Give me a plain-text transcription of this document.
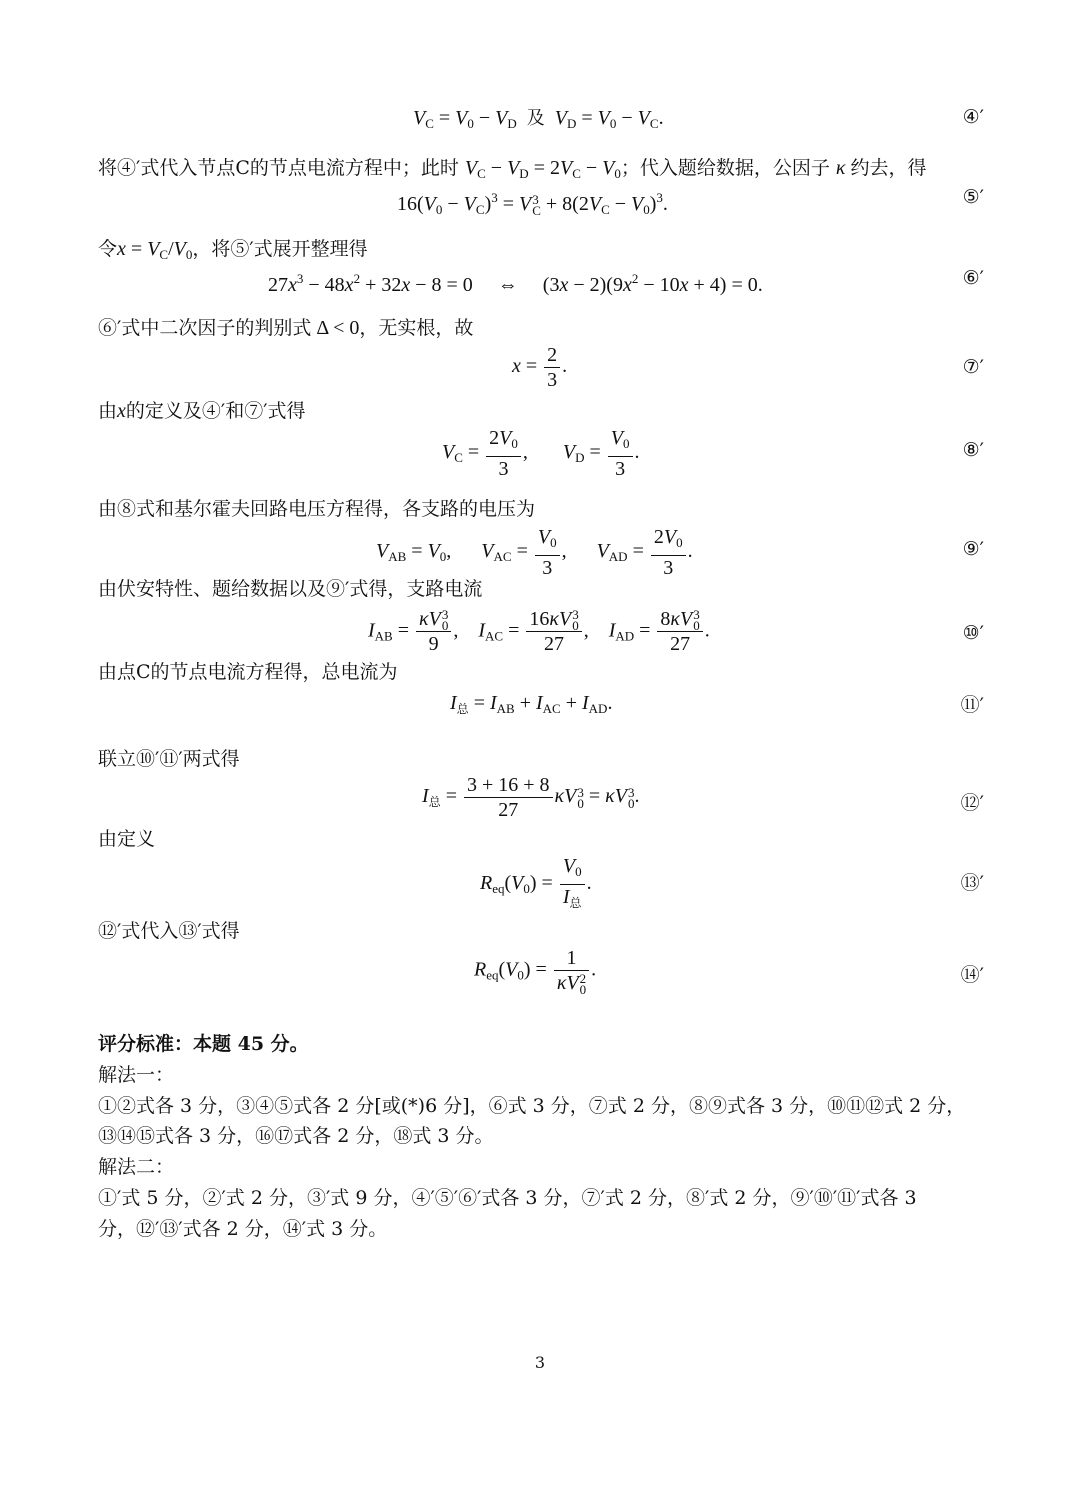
$V_C = V_0 - V_D$ 及 $V_D = V_0 - V_C$.	④′
将④′式代入节点C的节点电流方程中；此时 $V_C - V_D = 2V_C - V_0$；代入题给数据，公因子 κ 约去，得
$16(V_0 - V_C)^3 = V$ 3
$C + 8(2V_C - V_0)^3$.	⑤′
令$x = V_C/V_0$，将⑤′式展开整理得
$27x^3 - 48x^2 + 32x - 8 = 0$     ⇔     $(3x - 2)(9x^2 - 10x + 4) = 0$.	⑥′
⑥′式中二次因子的判别式 Δ < 0，无实根，故
$x = \frac{2}{3}$ .	⑦′
由x的定义及④′和⑦′式得
$V_C = \frac{2V_0}{3}$ ,       $V_D = \frac{V_0}{3}$ .	⑧′
由⑧式和基尔霍夫回路电压方程得，各支路的电压为
$V_{AB} = V_0$,      $V_{AC} = \frac{V_0}{3}$ ,      $V_{AD} = \frac{2V_0}{3}$ .	⑨′
由伏安特性、题给数据以及⑨′式得，支路电流
$I_{AB} = \kappa V$ 3
0
9 ,    $I_{AC} = 16\kappa V$ 3
0
27 ,    $I_{AD} = 8\kappa V$ 3
0
27 .	⑩′
由点C的节点电流方程得，总电流为
$I_总 = I_{AB} + I_{AC} + I_{AD}$.	⑪′
联立⑩′⑪′两式得
$I_总 = \frac{3 + 16 + 8}{27}$ κV 3
0 = κV 3
0 .	⑫′
由定义
$R_{eq}(V_0) = \frac{V_0}{I_总}$ .	⑬′
⑫′式代入⑬′式得
$R_{eq}(V_0) = 1$
κV 2
0 .	⑭′
评分标准：本题 45 分。
解法一：
①②式各 3 分，③④⑤式各 2 分[或(*)6 分]，⑥式 3 分，⑦式 2 分，⑧⑨式各 3 分，⑩⑪⑫式 2 分，
⑬⑭⑮式各 3 分，⑯⑰式各 2 分，⑱式 3 分。
解法二：
①′式 5 分，②′式 2 分，③′式 9 分，④′⑤′⑥′式各 3 分，⑦′式 2 分，⑧′式 2 分，⑨′⑩′⑪′式各 3
分，⑫′⑬′式各 2 分，⑭′式 3 分。
3
